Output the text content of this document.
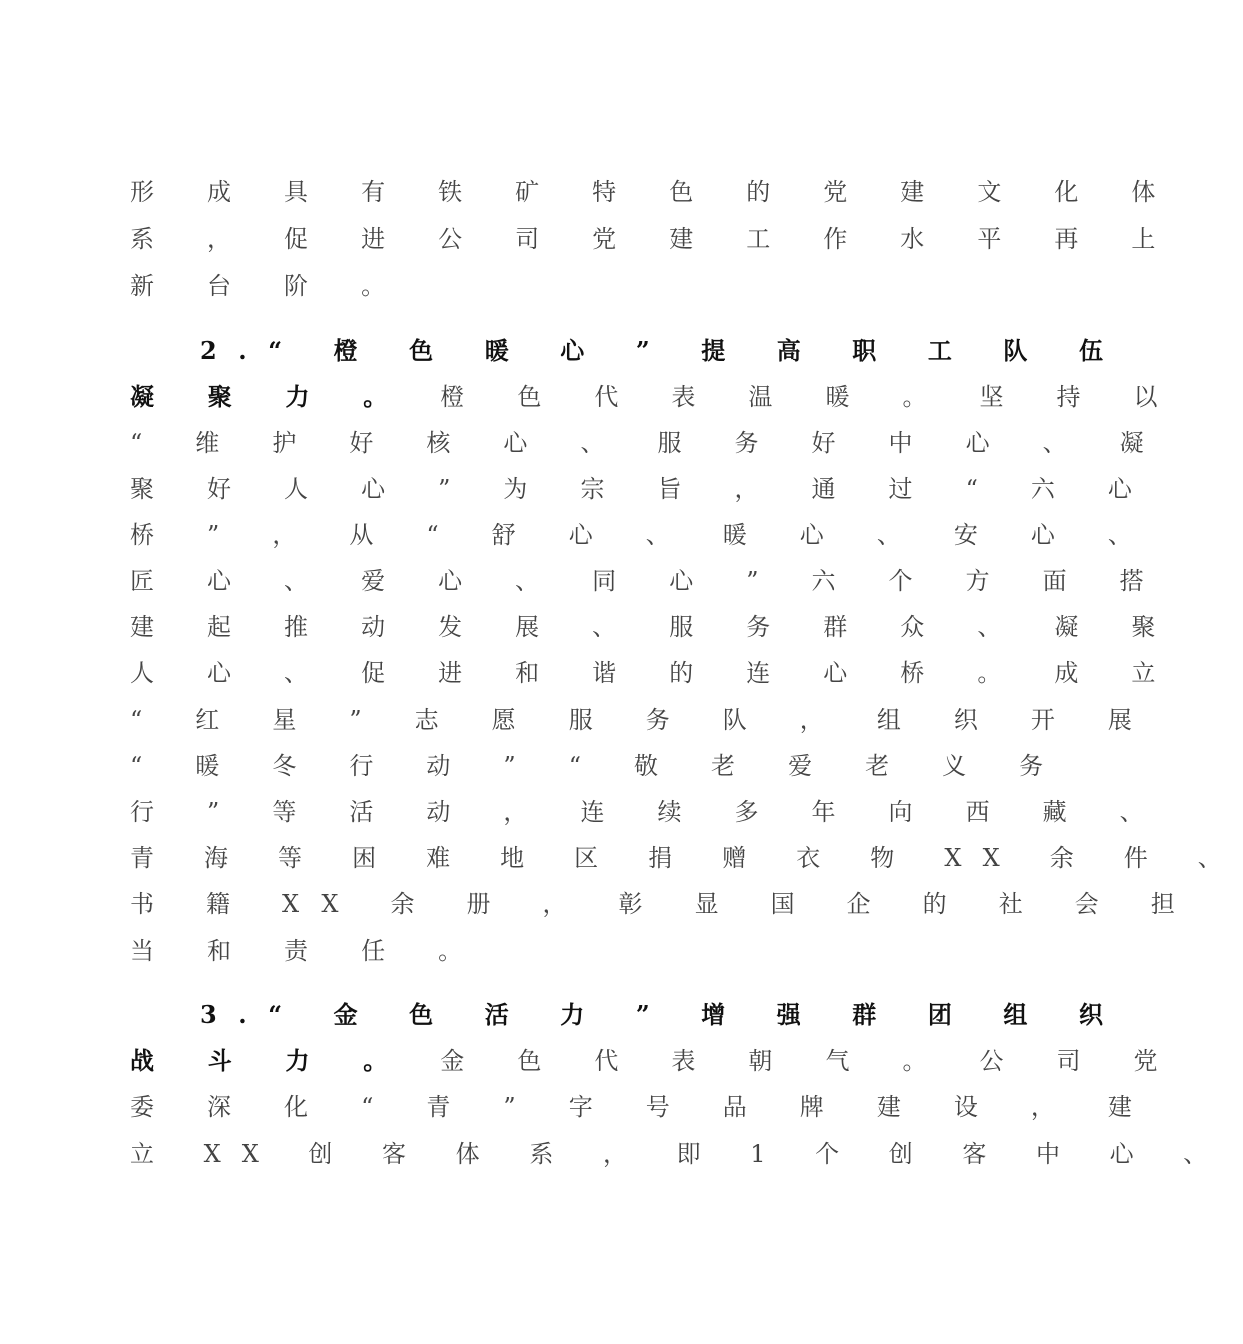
形 成 具 有 铁 矿 特 色 的 党 建 文 化 体
系 ， 促 进 公 司 党 建 工 作 水 平 再 上
新 台 阶 。
2.“ 橙 色 暖 心 ” 提 高 职 工 队 伍
凝 聚 力 。 橙 色 代 表 温 暖 。 坚 持 以
“ 维 护 好 核 心 、 服 务 好 中 心 、 凝
聚 好 人 心 ” 为 宗 旨 ， 通 过 “ 六 心
桥 ” ， 从 “ 舒 心 、 暖 心 、 安 心 、
匠 心 、 爱 心 、 同 心 ” 六 个 方 面 搭
建 起 推 动 发 展 、 服 务 群 众 、 凝 聚
人 心 、 促 进 和 谐 的 连 心 桥 。 成 立
“ 红 星 ” 志 愿 服 务 队 ， 组 织 开 展
“ 暖 冬 行 动 ” “ 敬 老 爱 老 义 务
行 ” 等 活 动 ， 连 续 多 年 向 西 藏 、
青 海 等 困 难 地 区 捐 赠 衣 物 XX 余 件 、
书 籍 XX 余 册 ， 彰 显 国 企 的 社 会 担
当 和 责 任 。
3.“ 金 色 活 力 ” 增 强 群 团 组 织
战 斗 力 。 金 色 代 表 朝 气 。 公 司 党
委 深 化 “ 青 ” 字 号 品 牌 建 设 ， 建
立 XX 创 客 体 系 ， 即 1 个 创 客 中 心 、
